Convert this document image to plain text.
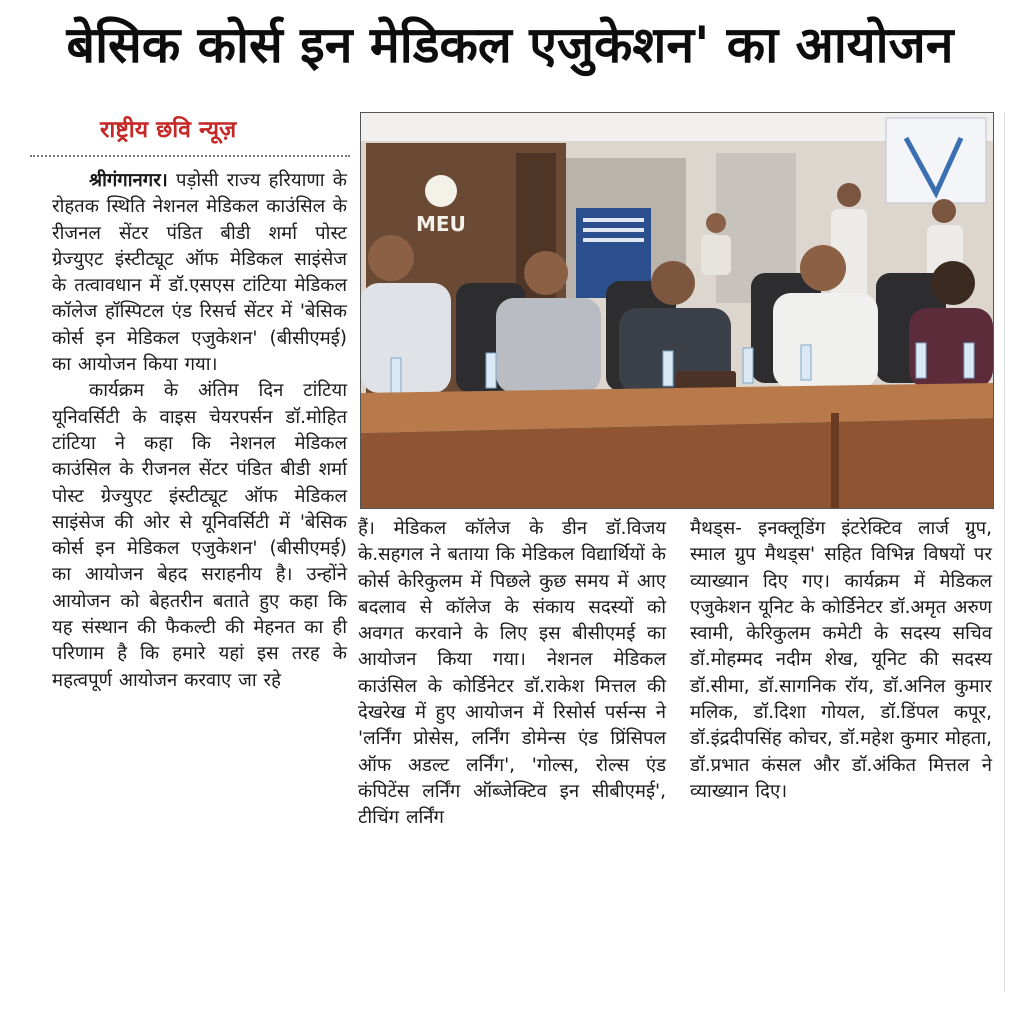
बेसिक कोर्स इन मेडिकल एजुकेशन' का आयोजन
राष्ट्रीय छवि न्यूज़

श्रीगंगानगर। पड़ोसी राज्य हरियाणा के रोहतक स्थिति नेशनल मेडिकल काउंसिल के रीजनल सेंटर पंडित बीडी शर्मा पोस्ट ग्रेज्युएट इंस्टीट्यूट ऑफ मेडिकल साइंसेज के तत्वावधान में डॉ.एसएस टांटिया मेडिकल कॉलेज हॉस्पिटल एंड रिसर्च सेंटर में 'बेसिक कोर्स इन मेडिकल एजुकेशन' (बीसीएमई) का आयोजन किया गया।

कार्यक्रम के अंतिम दिन टांटिया यूनिवर्सिटी के वाइस चेयरपर्सन डॉ.मोहित टांटिया ने कहा कि नेशनल मेडिकल काउंसिल के रीजनल सेंटर पंडित बीडी शर्मा पोस्ट ग्रेज्युएट इंस्टीट्यूट ऑफ मेडिकल साइंसेज की ओर से यूनिवर्सिटी में 'बेसिक कोर्स इन मेडिकल एजुकेशन' (बीसीएमई) का आयोजन बेहद सराहनीय है। उन्होंने आयोजन को बेहतरीन बताते हुए कहा कि यह संस्थान की फैकल्टी की मेहनत का ही परिणाम है कि हमारे यहां इस तरह के महत्वपूर्ण आयोजन करवाए जा रहे

MEU

हैं। मेडिकल कॉलेज के डीन डॉ.विजय के.सहगल ने बताया कि मेडिकल विद्यार्थियों के कोर्स केरिकुलम में पिछले कुछ समय में आए बदलाव से कॉलेज के संकाय सदस्यों को अवगत करवाने के लिए इस बीसीएमई का आयोजन किया गया। नेशनल मेडिकल काउंसिल के कोर्डिनेटर डॉ.राकेश मित्तल की देखरेख में हुए आयोजन में रिसोर्स पर्सन्स ने 'लर्निंग प्रोसेस, लर्निंग डोमेन्स एंड प्रिंसिपल ऑफ अडल्ट लर्निंग', 'गोल्स, रोल्स एंड कंपिटेंस लर्निंग ऑब्जेक्टिव इन सीबीएमई', टीचिंग लर्निंग

मैथड्स- इनक्लूडिंग इंटरेक्टिव लार्ज ग्रुप, स्माल ग्रुप मैथड्स' सहित विभिन्न विषयों पर व्याख्यान दिए गए। कार्यक्रम में मेडिकल एजुकेशन यूनिट के कोर्डिनेटर डॉ.अमृत अरुण स्वामी, केरिकुलम कमेटी के सदस्य सचिव डॉ.मोहम्मद नदीम शेख, यूनिट की सदस्य डॉ.सीमा, डॉ.सागनिक रॉय, डॉ.अनिल कुमार मलिक, डॉ.दिशा गोयल, डॉ.डिंपल कपूर, डॉ.इंद्रदीपसिंह कोचर, डॉ.महेश कुमार मोहता, डॉ.प्रभात कंसल और डॉ.अंकित मित्तल ने व्याख्यान दिए।
